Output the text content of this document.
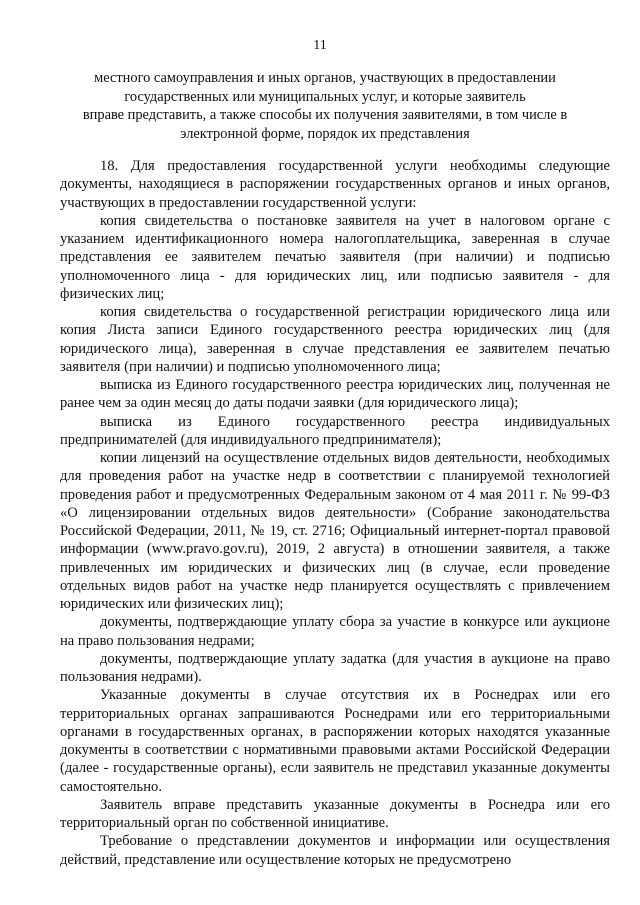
11
местного самоуправления и иных органов, участвующих в предоставлении
государственных или муниципальных услуг, и которые заявитель
вправе представить, а также способы их получения заявителями, в том числе в
электронной форме, порядок их представления

18. Для предоставления государственной услуги необходимы следующие документы, находящиеся в распоряжении государственных органов и иных органов, участвующих в предоставлении государственной услуги:

копия свидетельства о постановке заявителя на учет в налоговом органе с указанием идентификационного номера налогоплательщика, заверенная в случае представления ее заявителем печатью заявителя (при наличии) и подписью уполномоченного лица - для юридических лиц, или подписью заявителя - для физических лиц;

копия свидетельства о государственной регистрации юридического лица или копия Листа записи Единого государственного реестра юридических лиц (для юридического лица), заверенная в случае представления ее заявителем печатью заявителя (при наличии) и подписью уполномоченного лица;

выписка из Единого государственного реестра юридических лиц, полученная не ранее чем за один месяц до даты подачи заявки (для юридического лица);

выписка из Единого государственного реестра индивидуальных предпринимателей (для индивидуального предпринимателя);

копии лицензий на осуществление отдельных видов деятельности, необходимых для проведения работ на участке недр в соответствии с планируемой технологией проведения работ и предусмотренных Федеральным законом от 4 мая 2011 г. № 99-ФЗ «О лицензировании отдельных видов деятельности» (Собрание законодательства Российской Федерации, 2011, № 19, ст. 2716; Официальный интернет-портал правовой информации (www.pravo.gov.ru), 2019, 2 августа) в отношении заявителя, а также привлеченных им юридических и физических лиц (в случае, если проведение отдельных видов работ на участке недр планируется осуществлять с привлечением юридических или физических лиц);

документы, подтверждающие уплату сбора за участие в конкурсе или аукционе на право пользования недрами;

документы, подтверждающие уплату задатка (для участия в аукционе на право пользования недрами).

Указанные документы в случае отсутствия их в Роснедрах или его территориальных органах запрашиваются Роснедрами или его территориальными органами в государственных органах, в распоряжении которых находятся указанные документы в соответствии с нормативными правовыми актами Российской Федерации (далее - государственные органы), если заявитель не представил указанные документы самостоятельно.

Заявитель вправе представить указанные документы в Роснедра или его территориальный орган по собственной инициативе.

Требование о представлении документов и информации или осуществления действий, представление или осуществление которых не предусмотрено
